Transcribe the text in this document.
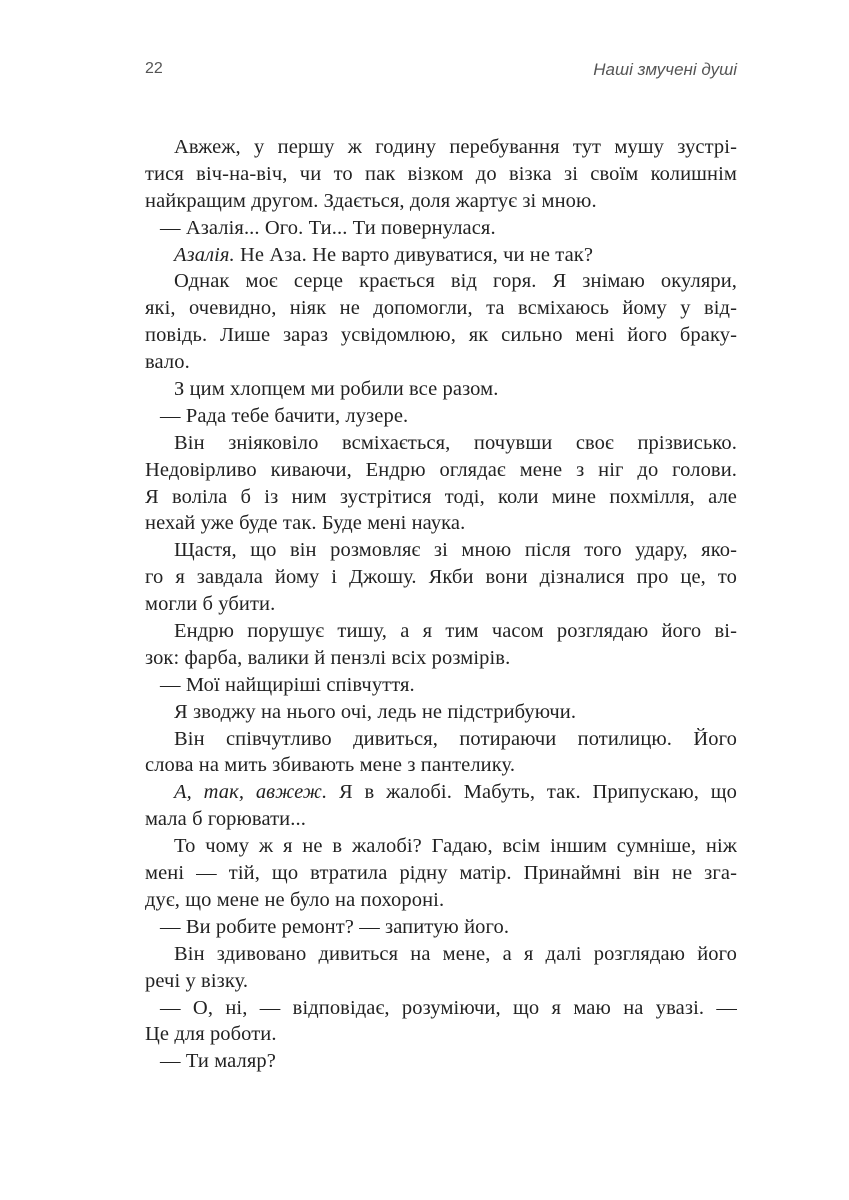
22	Наші змучені душі
Авжеж, у першу ж годину перебування тут мушу зустрі-
тися віч-на-віч, чи то пак візком до візка зі своїм колишнім
найкращим другом. Здається, доля жартує зі мною.
— Азалія... Ого. Ти... Ти повернулася.
Азалія. Не Аза. Не варто дивуватися, чи не так?
Однак моє серце крається від горя. Я знімаю окуляри,
які, очевидно, ніяк не допомогли, та всміхаюсь йому у від-
повідь. Лише зараз усвідомлюю, як сильно мені його браку-
вало.
З цим хлопцем ми робили все разом.
— Рада тебе бачити, лузере.
Він зніяковіло всміхається, почувши своє прізвисько.
Недовірливо киваючи, Ендрю оглядає мене з ніг до голови.
Я воліла б із ним зустрітися тоді, коли мине похмілля, але
нехай уже буде так. Буде мені наука.
Щастя, що він розмовляє зі мною після того удару, яко-
го я завдала йому і Джошу. Якби вони дізналися про це, то
могли б убити.
Ендрю порушує тишу, а я тим часом розглядаю його ві-
зок: фарба, валики й пензлі всіх розмірів.
— Мої найщиріші співчуття.
Я зводжу на нього очі, ледь не підстрибуючи.
Він співчутливо дивиться, потираючи потилицю. Його
слова на мить збивають мене з пантелику.
А, так, авжеж. Я в жалобі. Мабуть, так. Припускаю, що
мала б горювати...
То чому ж я не в жалобі? Гадаю, всім іншим сумніше, ніж
мені — тій, що втратила рідну матір. Принаймні він не зга-
дує, що мене не було на похороні.
— Ви робите ремонт? — запитую його.
Він здивовано дивиться на мене, а я далі розглядаю його
речі у візку.
— О, ні, — відповідає, розуміючи, що я маю на увазі. —
Це для роботи.
— Ти маляр?
